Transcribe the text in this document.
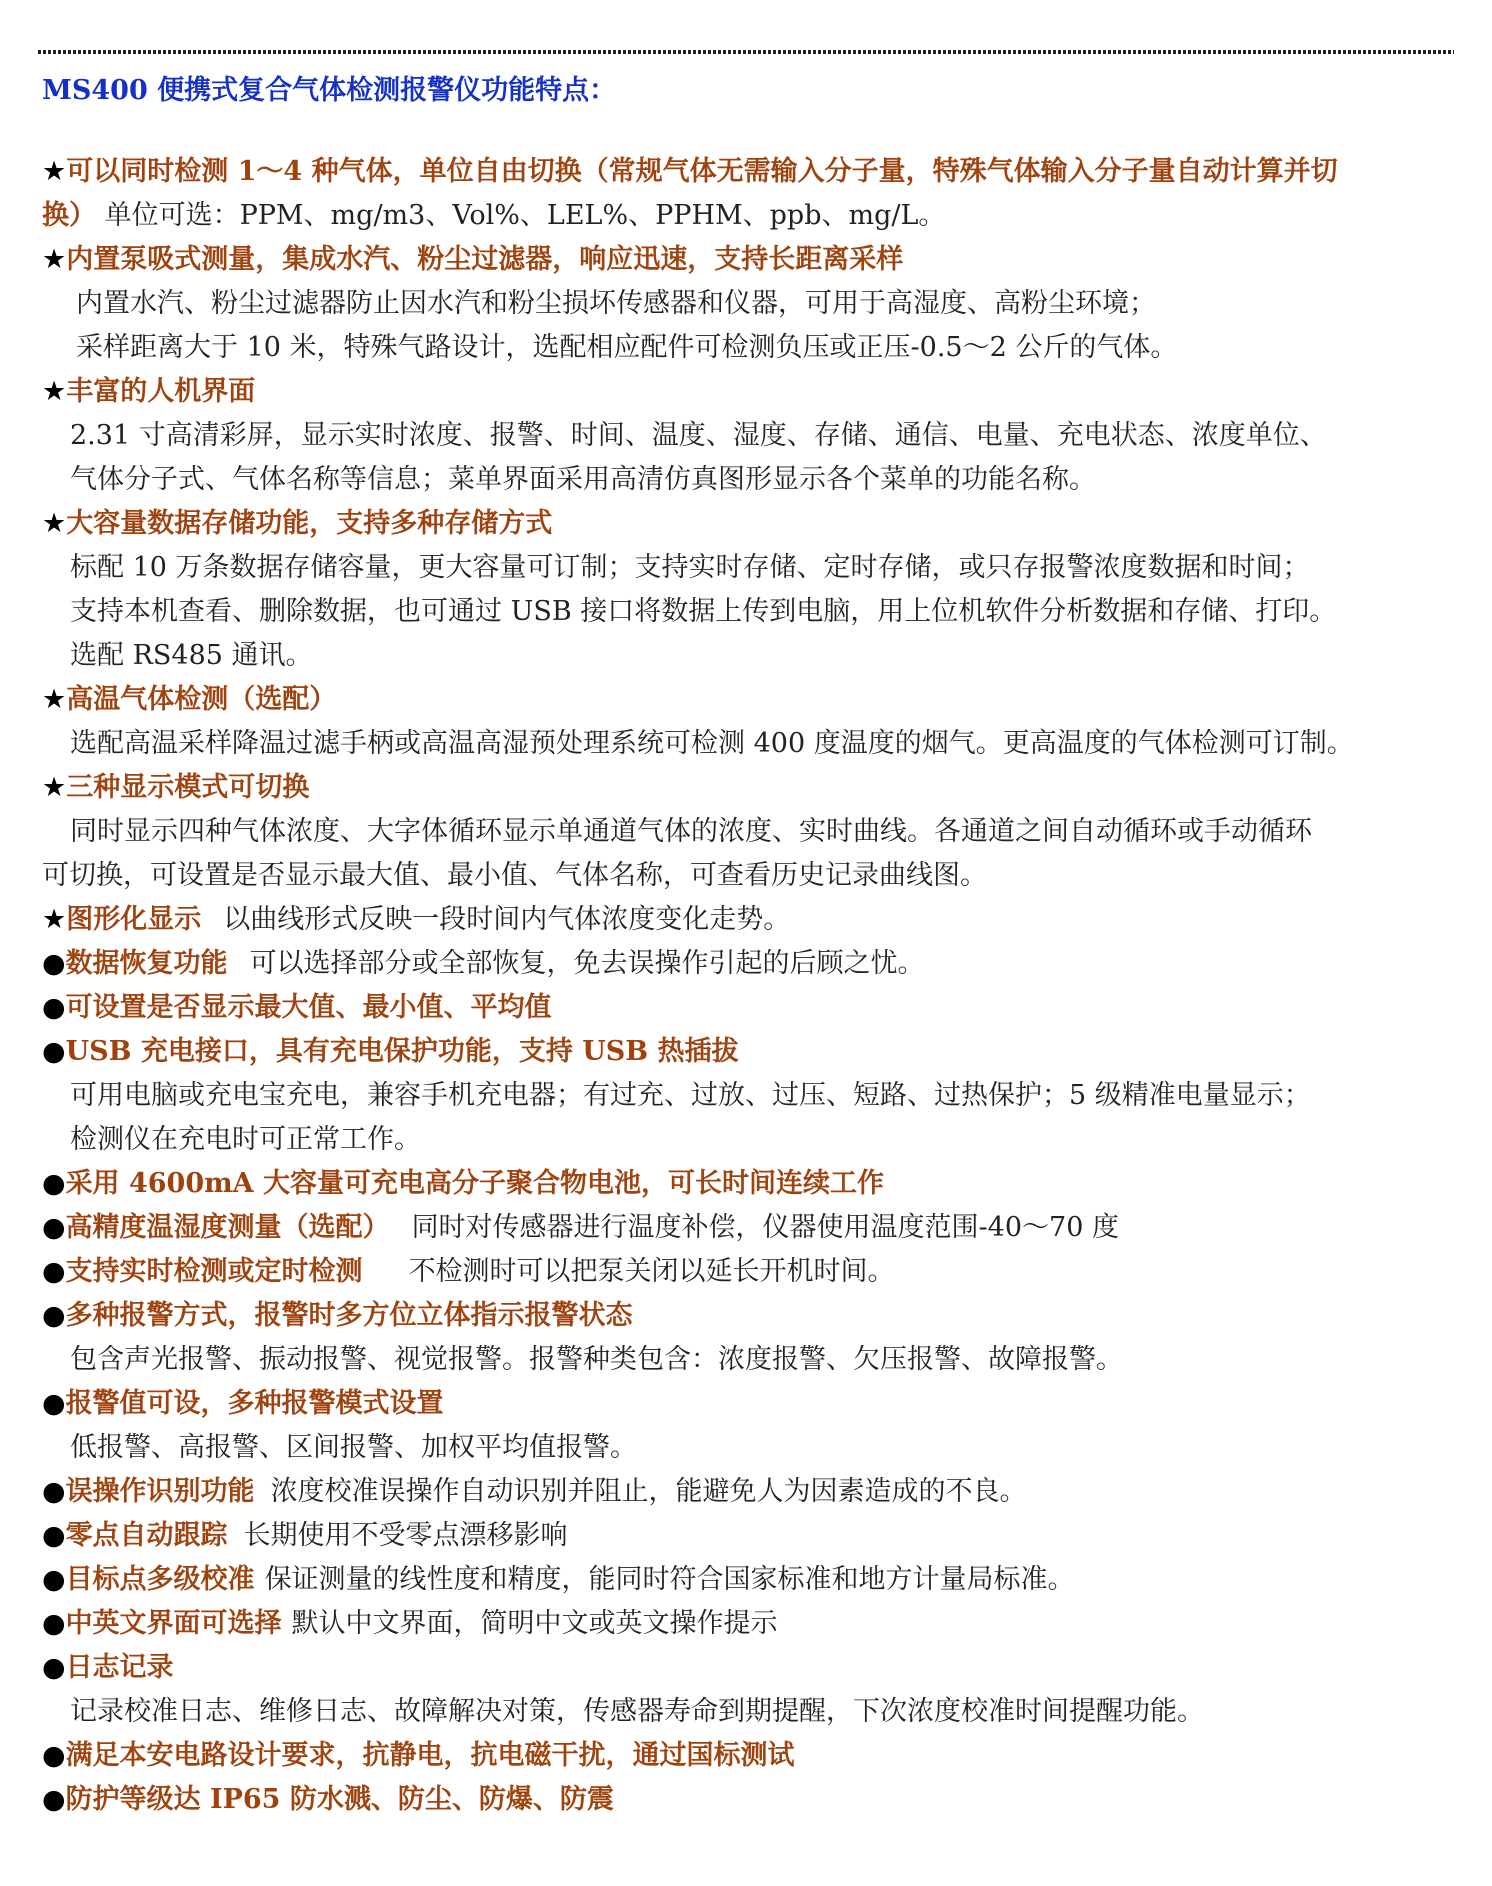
MS400 便携式复合气体检测报警仪功能特点：
★可以同时检测 1～4 种气体，单位自由切换（常规气体无需输入分子量，特殊气体输入分子量自动计算并切
换） 单位可选：PPM、mg/m3、Vol%、LEL%、PPHM、ppb、mg/L。
★内置泵吸式测量，集成水汽、粉尘过滤器，响应迅速，支持长距离采样
内置水汽、粉尘过滤器防止因水汽和粉尘损坏传感器和仪器，可用于高湿度、高粉尘环境；
采样距离大于 10 米，特殊气路设计，选配相应配件可检测负压或正压-0.5～2 公斤的气体。
★丰富的人机界面
2.31 寸高清彩屏，显示实时浓度、报警、时间、温度、湿度、存储、通信、电量、充电状态、浓度单位、
气体分子式、气体名称等信息；菜单界面采用高清仿真图形显示各个菜单的功能名称。
★大容量数据存储功能，支持多种存储方式
标配 10 万条数据存储容量，更大容量可订制；支持实时存储、定时存储，或只存报警浓度数据和时间；
支持本机查看、删除数据，也可通过 USB 接口将数据上传到电脑，用上位机软件分析数据和存储、打印。
选配 RS485 通讯。
★高温气体检测（选配）
选配高温采样降温过滤手柄或高温高湿预处理系统可检测 400 度温度的烟气。更高温度的气体检测可订制。
★三种显示模式可切换
同时显示四种气体浓度、大字体循环显示单通道气体的浓度、实时曲线。各通道之间自动循环或手动循环
可切换，可设置是否显示最大值、最小值、气体名称，可查看历史记录曲线图。
★图形化显示 以曲线形式反映一段时间内气体浓度变化走势。
●数据恢复功能 可以选择部分或全部恢复，免去误操作引起的后顾之忧。
●可设置是否显示最大值、最小值、平均值
●USB 充电接口，具有充电保护功能，支持 USB 热插拔
可用电脑或充电宝充电，兼容手机充电器；有过充、过放、过压、短路、过热保护；5 级精准电量显示；
检测仪在充电时可正常工作。
●采用 4600mA 大容量可充电高分子聚合物电池，可长时间连续工作
●高精度温湿度测量（选配） 同时对传感器进行温度补偿，仪器使用温度范围-40～70 度
●支持实时检测或定时检测 不检测时可以把泵关闭以延长开机时间。
●多种报警方式，报警时多方位立体指示报警状态
包含声光报警、振动报警、视觉报警。报警种类包含：浓度报警、欠压报警、故障报警。
●报警值可设，多种报警模式设置
低报警、高报警、区间报警、加权平均值报警。
●误操作识别功能 浓度校准误操作自动识别并阻止，能避免人为因素造成的不良。
●零点自动跟踪 长期使用不受零点漂移影响
●目标点多级校准 保证测量的线性度和精度，能同时符合国家标准和地方计量局标准。
●中英文界面可选择 默认中文界面，简明中文或英文操作提示
●日志记录
记录校准日志、维修日志、故障解决对策，传感器寿命到期提醒，下次浓度校准时间提醒功能。
●满足本安电路设计要求，抗静电，抗电磁干扰，通过国标测试
●防护等级达 IP65 防水溅、防尘、防爆、防震
